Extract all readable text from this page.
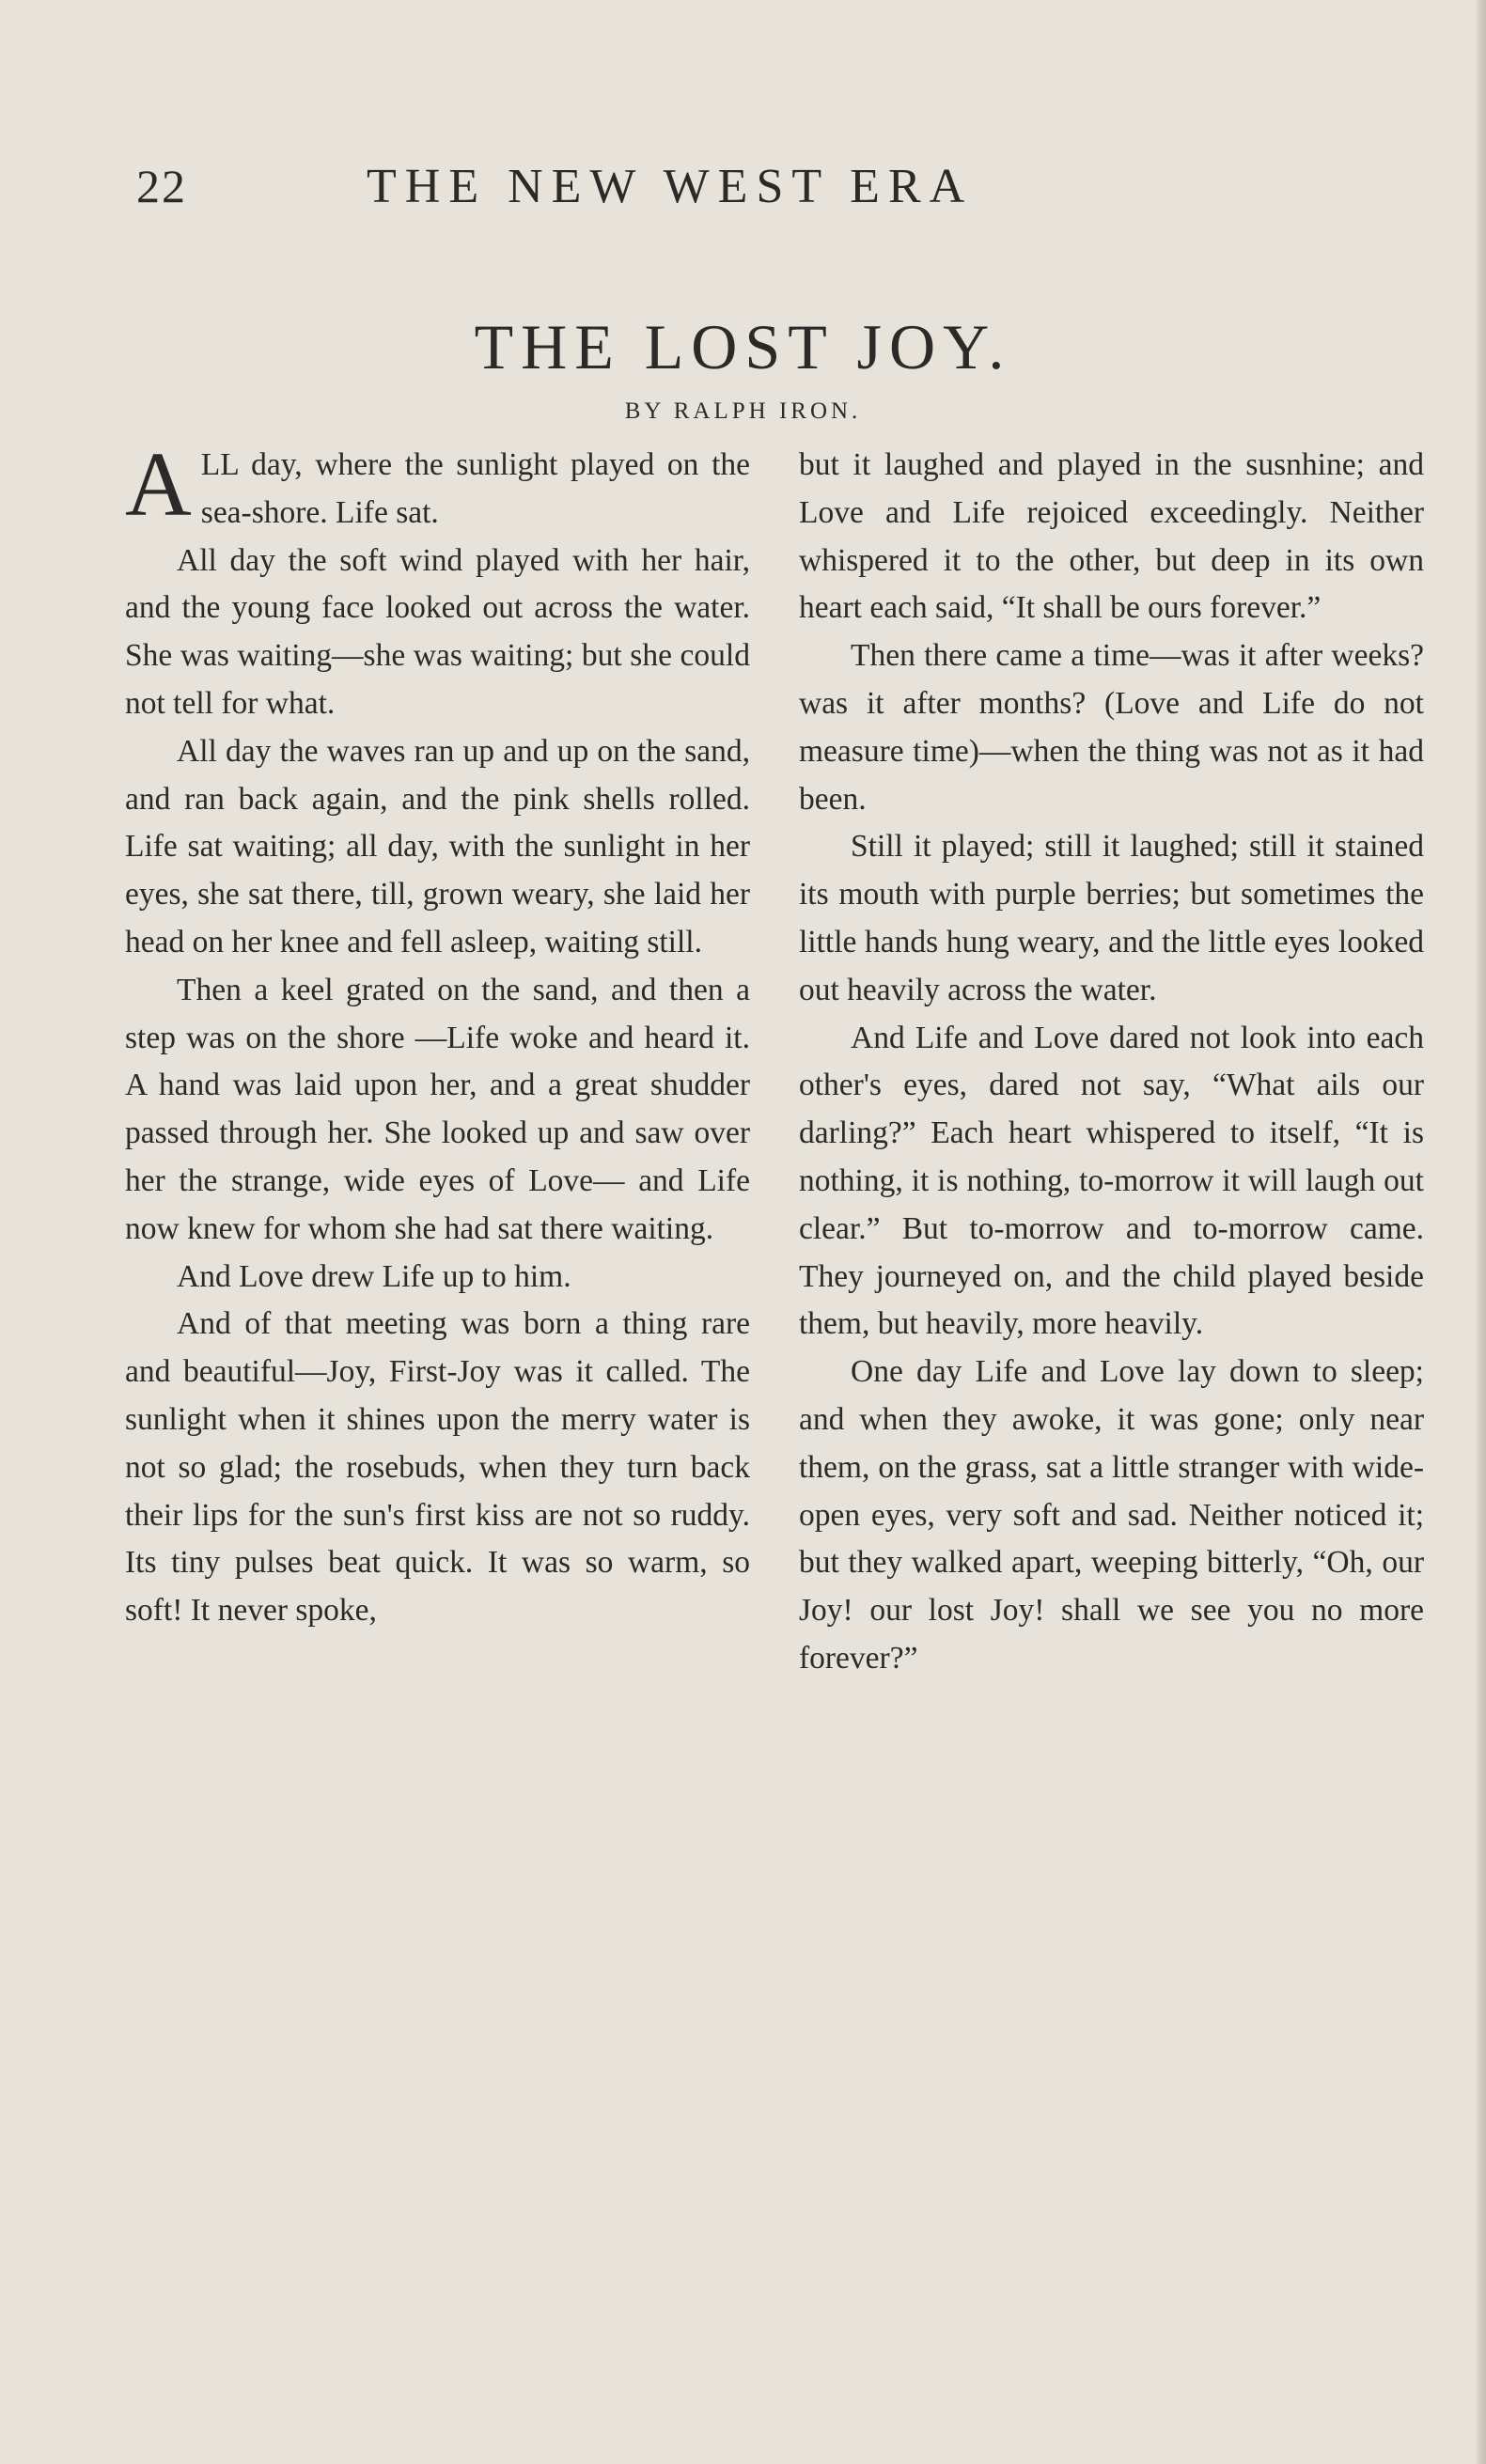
22	THE NEW WEST ERA
THE LOST JOY.
BY RALPH IRON.

ALL day, where the sunlight played on the sea-shore. Life sat.

All day the soft wind played with her hair, and the young face looked out across the water. She was waiting—she was waiting; but she could not tell for what.

All day the waves ran up and up on the sand, and ran back again, and the pink shells rolled. Life sat waiting; all day, with the sunlight in her eyes, she sat there, till, grown weary, she laid her head on her knee and fell asleep, waiting still.

Then a keel grated on the sand, and then a step was on the shore —Life woke and heard it. A hand was laid upon her, and a great shudder passed through her. She looked up and saw over her the strange, wide eyes of Love— and Life now knew for whom she had sat there waiting.

And Love drew Life up to him.

And of that meeting was born a thing rare and beautiful—Joy, First-Joy was it called. The sunlight when it shines upon the merry water is not so glad; the rosebuds, when they turn back their lips for the sun's first kiss are not so ruddy. Its tiny pulses beat quick. It was so warm, so soft! It never spoke,

but it laughed and played in the susnhine; and Love and Life rejoiced exceedingly. Neither whispered it to the other, but deep in its own heart each said, “It shall be ours forever.”

Then there came a time—was it after weeks? was it after months? (Love and Life do not measure time)—when the thing was not as it had been.

Still it played; still it laughed; still it stained its mouth with purple berries; but sometimes the little hands hung weary, and the little eyes looked out heavily across the water.

And Life and Love dared not look into each other's eyes, dared not say, “What ails our darling?” Each heart whispered to itself, “It is nothing, it is nothing, to-morrow it will laugh out clear.” But to-morrow and to-morrow came. They journeyed on, and the child played beside them, but heavily, more heavily.

One day Life and Love lay down to sleep; and when they awoke, it was gone; only near them, on the grass, sat a little stranger with wide-open eyes, very soft and sad. Neither noticed it; but they walked apart, weeping bitterly, “Oh, our Joy! our lost Joy! shall we see you no more forever?”
